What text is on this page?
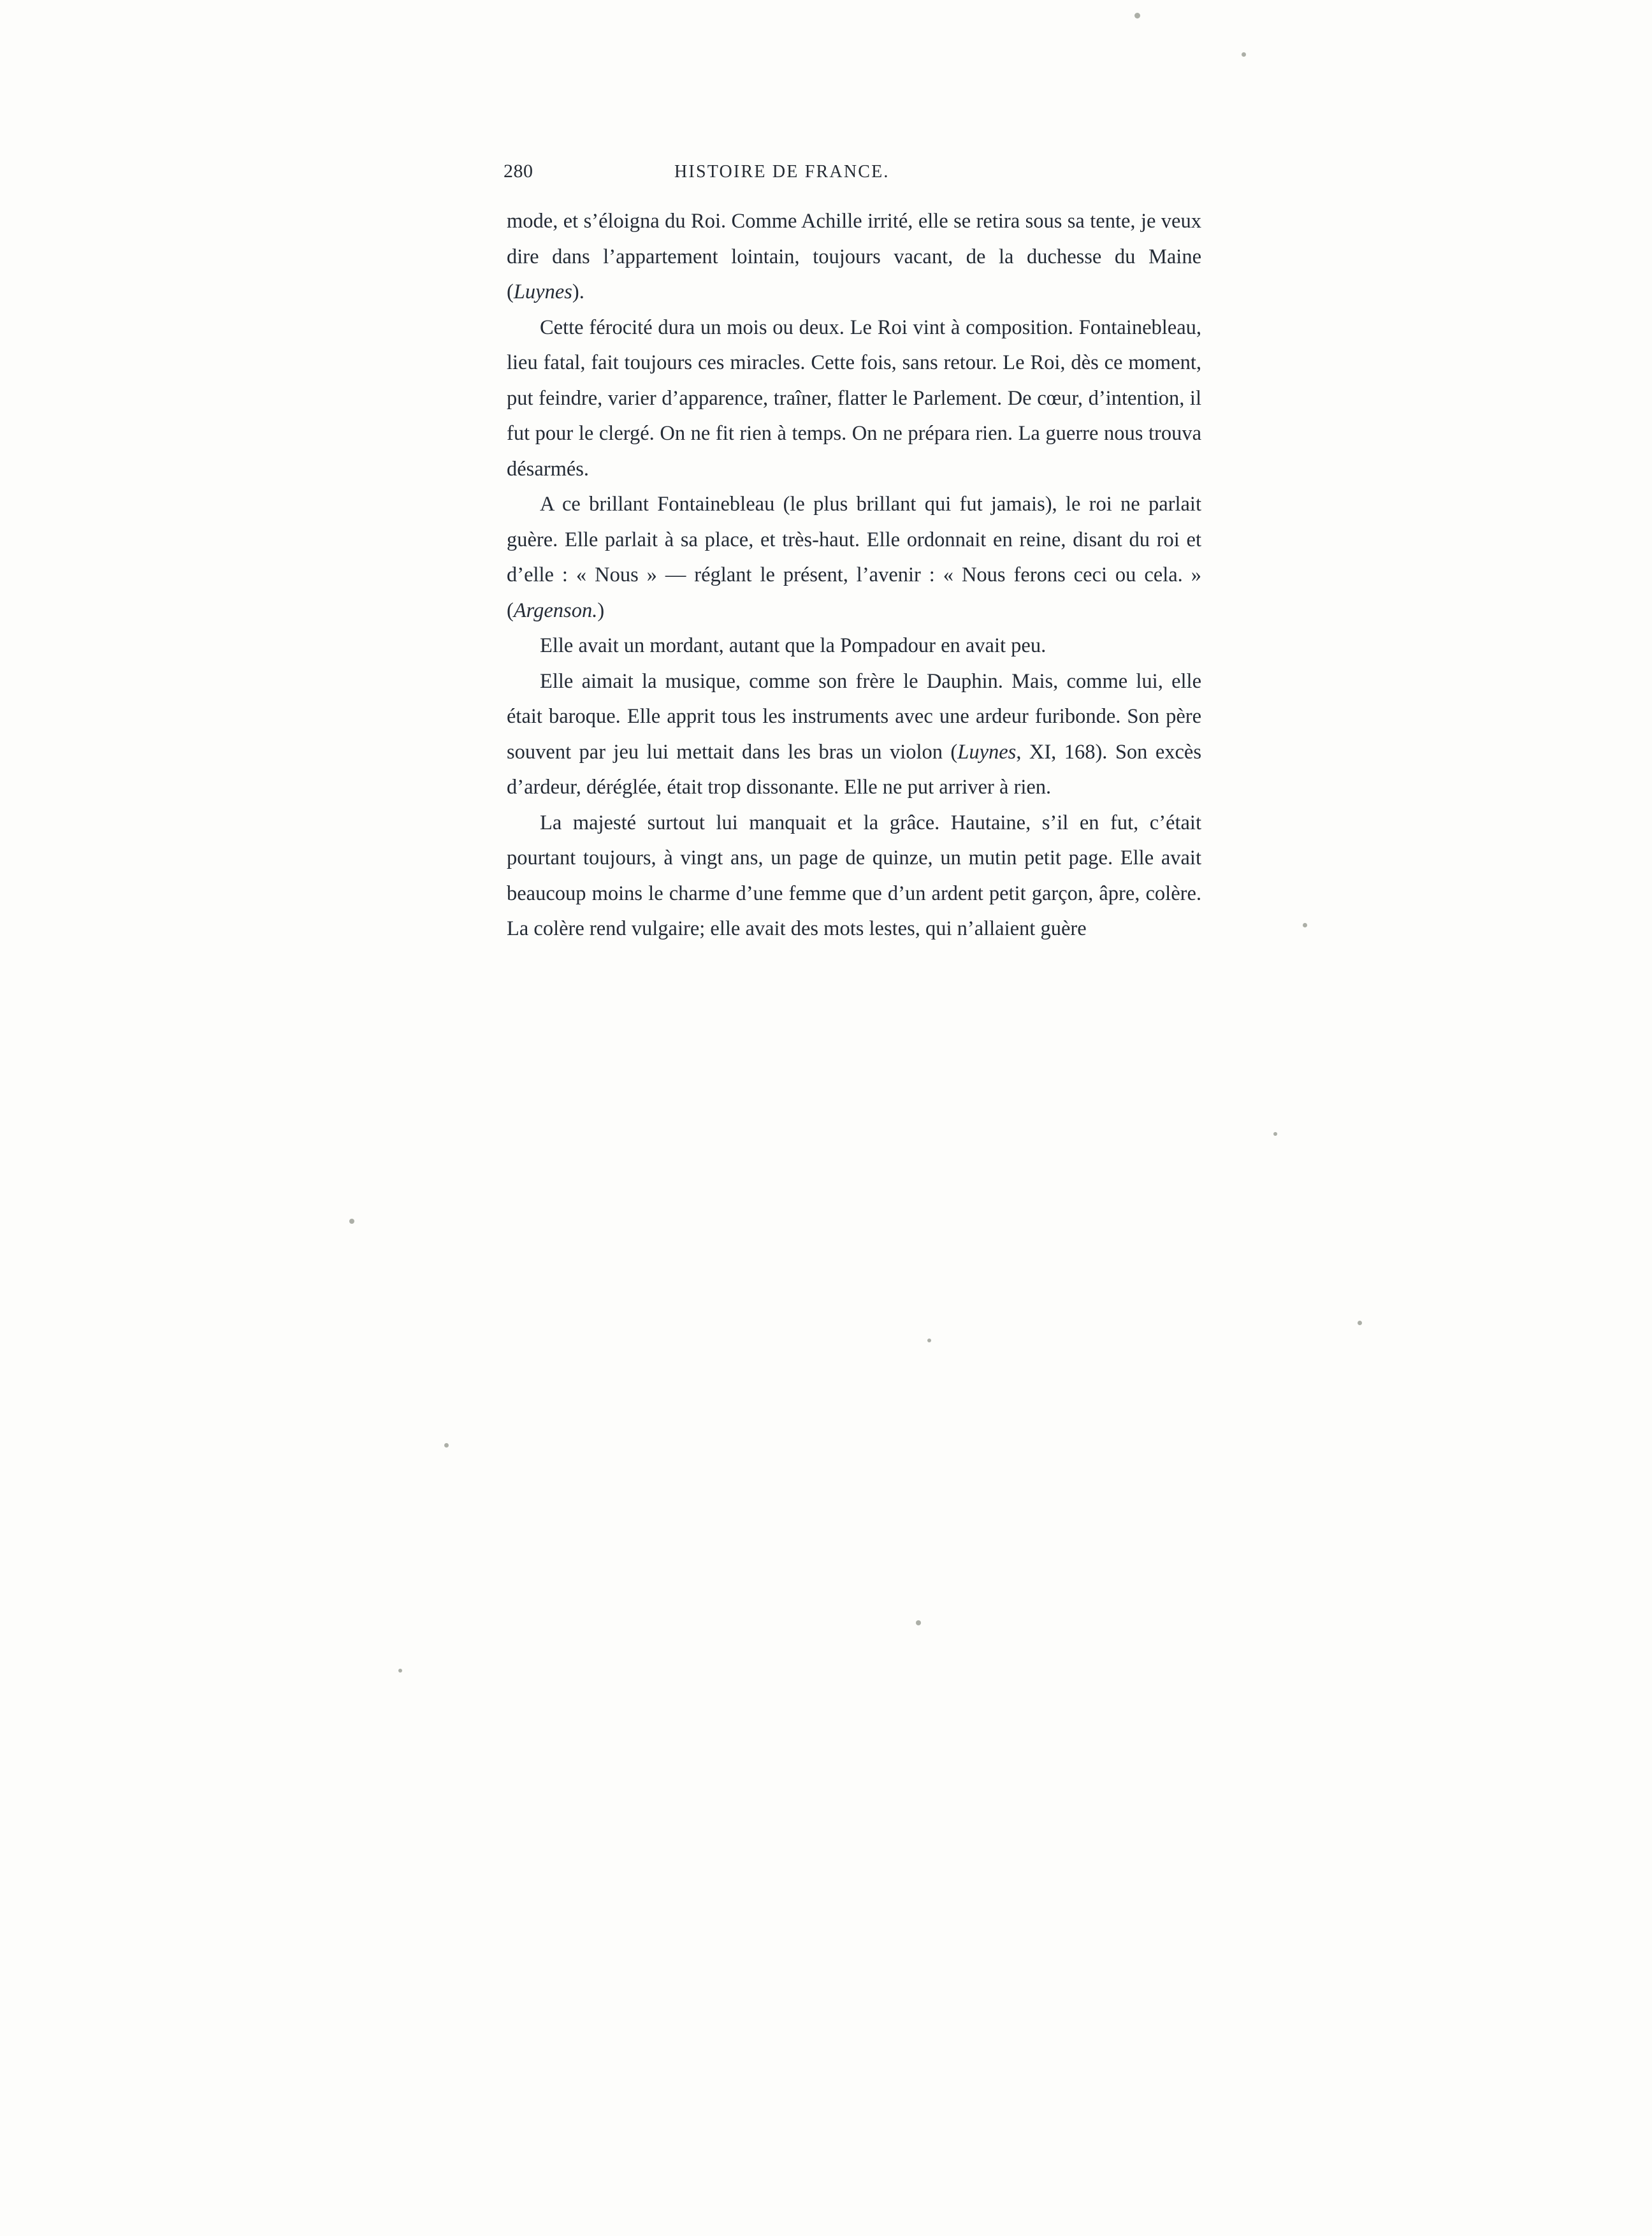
280	HISTOIRE DE FRANCE.

mode, et s’éloigna du Roi. Comme Achille irrité, elle se retira sous sa tente, je veux dire dans l’appartement lointain, toujours vacant, de la duchesse du Maine (Luynes).

Cette férocité dura un mois ou deux. Le Roi vint à composition. Fontainebleau, lieu fatal, fait toujours ces miracles. Cette fois, sans retour. Le Roi, dès ce moment, put feindre, varier d’apparence, traîner, flatter le Parlement. De cœur, d’intention, il fut pour le clergé. On ne fit rien à temps. On ne prépara rien. La guerre nous trouva désarmés.

A ce brillant Fontainebleau (le plus brillant qui fut jamais), le roi ne parlait guère. Elle parlait à sa place, et très-haut. Elle ordonnait en reine, disant du roi et d’elle : « Nous » — réglant le présent, l’avenir : « Nous ferons ceci ou cela. » (Argenson.)

Elle avait un mordant, autant que la Pompadour en avait peu.

Elle aimait la musique, comme son frère le Dauphin. Mais, comme lui, elle était baroque. Elle apprit tous les instruments avec une ardeur furibonde. Son père souvent par jeu lui mettait dans les bras un violon (Luynes, XI, 168). Son excès d’ardeur, déréglée, était trop dissonante. Elle ne put arriver à rien.

La majesté surtout lui manquait et la grâce. Hautaine, s’il en fut, c’était pourtant toujours, à vingt ans, un page de quinze, un mutin petit page. Elle avait beaucoup moins le charme d’une femme que d’un ardent petit garçon, âpre, colère. La colère rend vulgaire; elle avait des mots lestes, qui n’allaient guère
